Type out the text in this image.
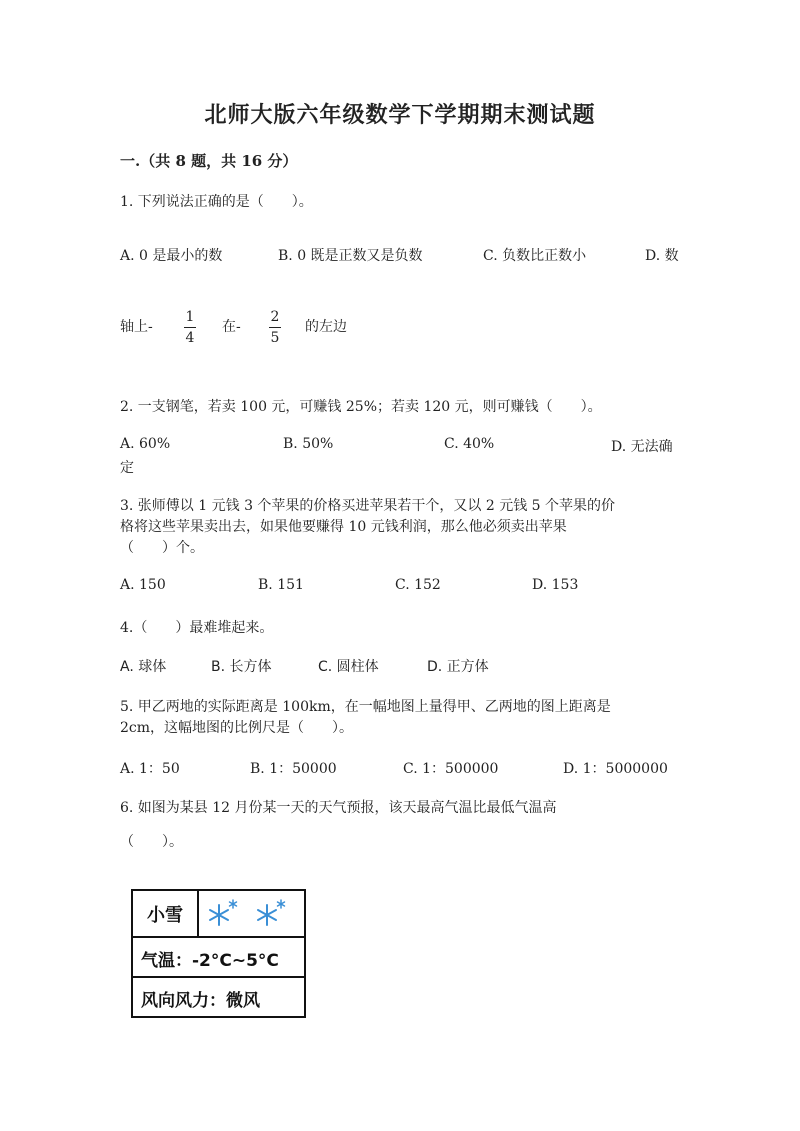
北师大版六年级数学下学期期末测试题
一.（共 8 题，共 16 分）
1. 下列说法正确的是（　　）。
A. 0 是最小的数	B. 0 既是正数又是负数	C. 负数比正数小	D. 数
轴上-
1
4
在-
2
5
的左边
2. 一支钢笔，若卖 100 元，可赚钱 25%；若卖 120 元，则可赚钱（　　）。
A. 60%	B. 50%	C. 40%	D. 无法确
定
3. 张师傅以 1 元钱 3 个苹果的价格买进苹果若干个，又以 2 元钱 5 个苹果的价
格将这些苹果卖出去，如果他要赚得 10 元钱利润，那么他必须卖出苹果
（　　）个。
A. 150	B. 151	C. 152	D. 153
4.（　　）最难堆起来。
A. 球体	B. 长方体	C. 圆柱体	D. 正方体
5. 甲乙两地的实际距离是 100km，在一幅地图上量得甲、乙两地的图上距离是
2cm，这幅地图的比例尺是（　　）。
A. 1：50	B. 1：50000	C. 1：500000	D. 1：5000000
6. 如图为某县 12 月份某一天的天气预报，该天最高气温比最低气温高
（　　）。
小雪
气温：-2°C~5°C
风向风力：微风
